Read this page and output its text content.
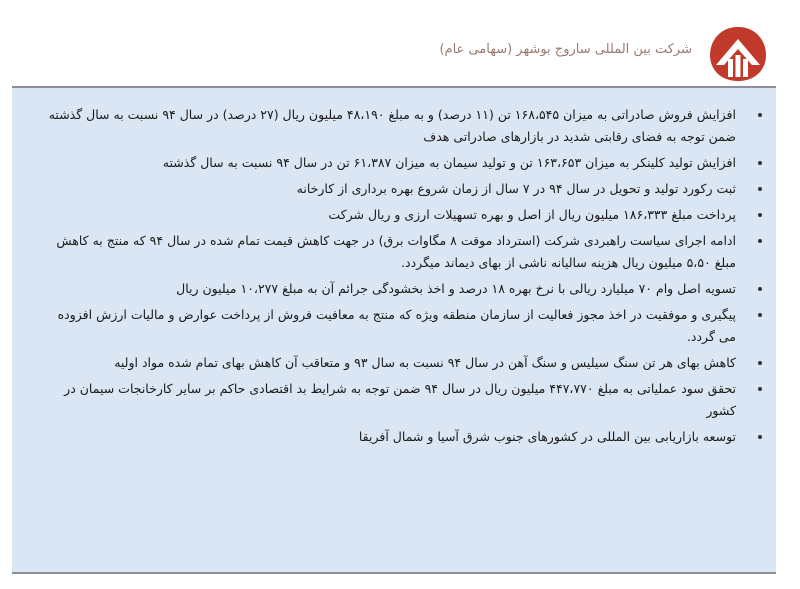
شرکت بین المللی ساروج بوشهر (سهامی عام)
افزایش فروش صادراتی به میزان ۱۶۸،۵۴۵ تن (۱۱ درصد) و به مبلغ ۴۸،۱۹۰ میلیون ریال (۲۷ درصد) در سال ۹۴ نسبت به سال گذشته ضمن توجه به فضای رقابتی شدید در بازارهای صادراتی هدف
افزایش تولید کلینکر به میزان ۱۶۳،۶۵۳ تن و تولید سیمان به میزان ۶۱،۳۸۷ تن در سال ۹۴ نسبت به سال گذشته
ثبت رکورد تولید و تحویل در سال ۹۴ در ۷ سال از زمان شروع بهره برداری از کارخانه
پرداخت مبلغ ۱۸۶،۳۳۳ میلیون ریال از اصل و بهره تسهیلات ارزی و ریال شرکت
ادامه اجرای سیاست راهبردی شرکت (استرداد موقت ۸ مگاوات برق) در جهت کاهش قیمت تمام شده در سال ۹۴ که منتج به کاهش مبلغ ۵،۵۰ میلیون ریال هزینه سالیانه ناشی از بهای دیماند میگردد.
تسویه اصل وام ۷۰ میلیارد ریالی با نرخ بهره ۱۸ درصد و اخذ بخشودگی جرائم آن به مبلغ ۱۰،۲۷۷ میلیون ریال
پیگیری و موفقیت در اخذ مجوز فعالیت از سازمان منطقه ویژه که منتج به معافیت فروش از پرداخت عوارض و مالیات ارزش افزوده می گردد.
کاهش بهای هر تن سنگ سیلیس و سنگ آهن در سال ۹۴ نسبت به سال ۹۳ و متعاقب آن کاهش بهای تمام شده مواد اولیه
تحقق سود عملیاتی به مبلغ ۴۴۷،۷۷۰ میلیون ریال در سال ۹۴ ضمن توجه به شرایط بد اقتصادی حاکم بر سایر کارخانجات سیمان در کشور
توسعه بازاریابی بین المللی در کشورهای جنوب شرق آسیا و شمال آفریقا
